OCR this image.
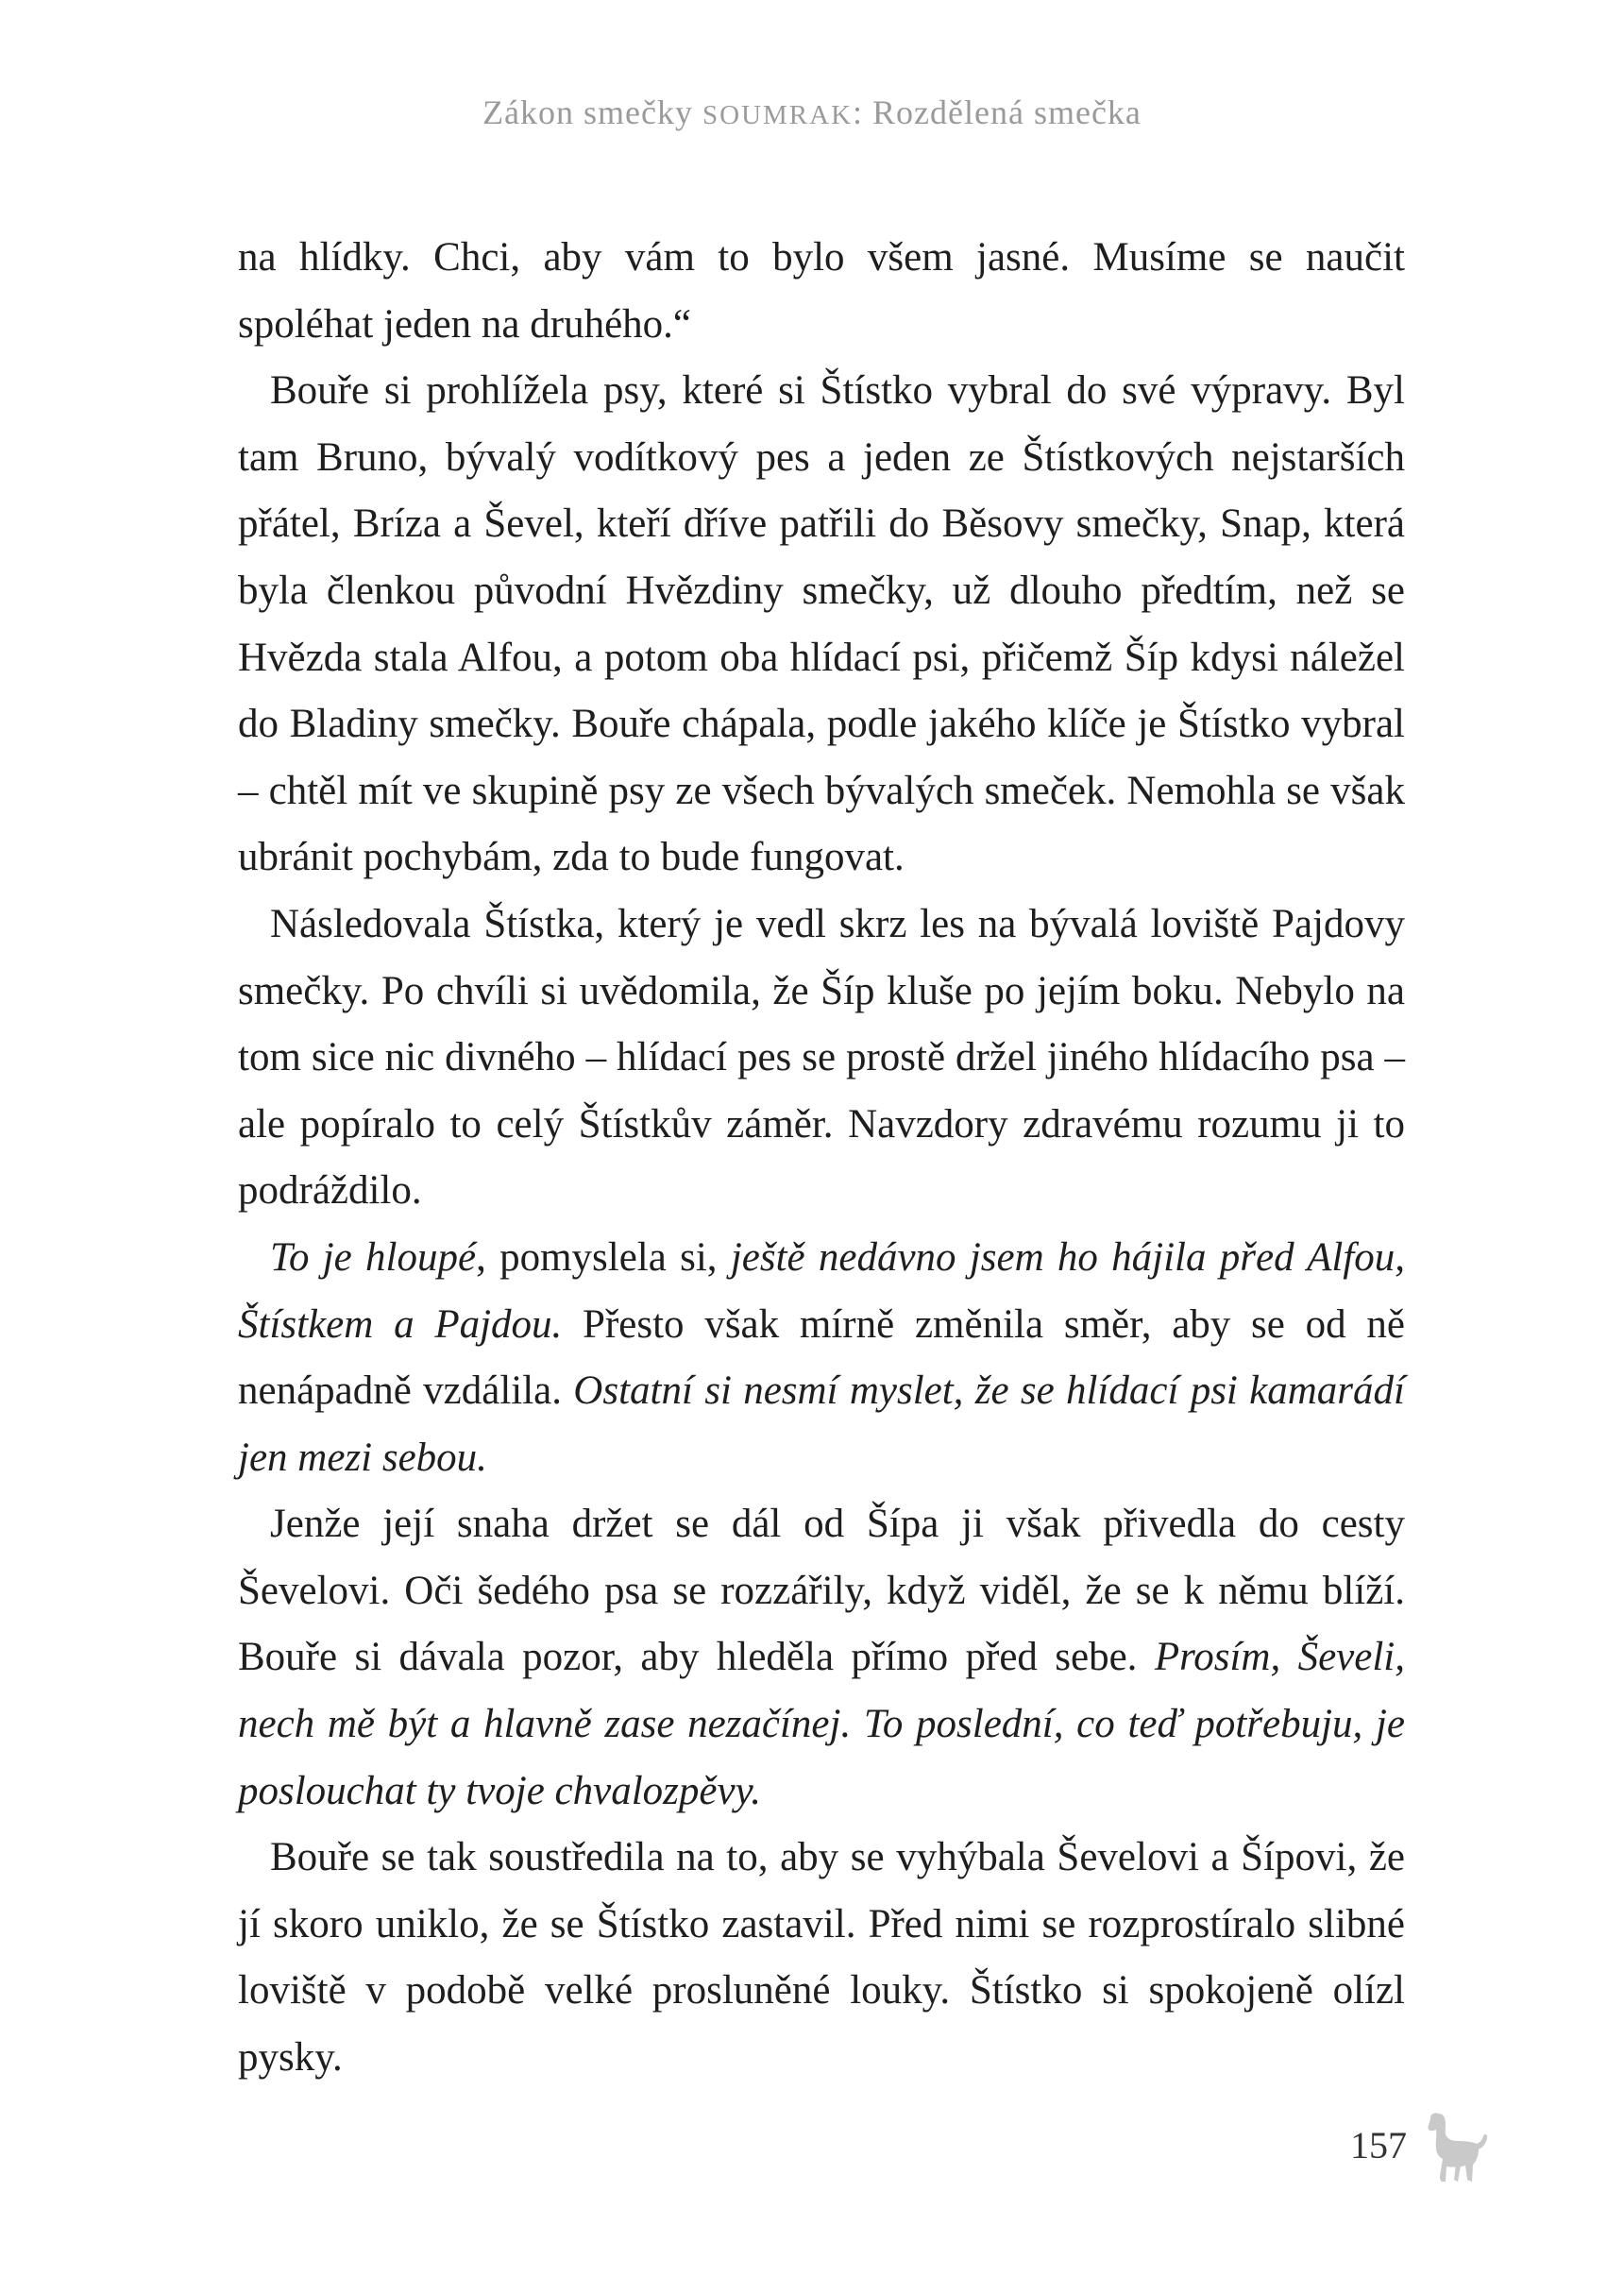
Zákon smečky SOUMRAK: Rozdělená smečka

na hlídky. Chci, aby vám to bylo všem jasné. Musíme se naučit spoléhat jeden na druhého.“

Bouře si prohlížela psy, které si Štístko vybral do své výpravy. Byl tam Bruno, bývalý vodítkový pes a jeden ze Štístkových nejstarších přátel, Bríza a Ševel, kteří dříve patřili do Běsovy smečky, Snap, která byla členkou původní Hvězdiny smečky, už dlouho předtím, než se Hvězda stala Alfou, a potom oba hlídací psi, přičemž Šíp kdysi náležel do Bladiny smečky. Bouře chápala, podle jakého klíče je Štístko vybral – chtěl mít ve skupině psy ze všech bývalých smeček. Nemohla se však ubránit pochybám, zda to bude fungovat.

Následovala Štístka, který je vedl skrz les na bývalá loviště Pajdovy smečky. Po chvíli si uvědomila, že Šíp kluše po jejím boku. Nebylo na tom sice nic divného – hlídací pes se prostě držel jiného hlídacího psa – ale popíralo to celý Štístkův záměr. Navzdory zdravému rozumu ji to podráždilo.

To je hloupé, pomyslela si, ještě nedávno jsem ho hájila před Alfou, Štístkem a Pajdou. Přesto však mírně změnila směr, aby se od ně nenápadně vzdálila. Ostatní si nesmí myslet, že se hlídací psi kamarádí jen mezi sebou.

Jenže její snaha držet se dál od Šípa ji však přivedla do cesty Ševelovi. Oči šedého psa se rozzářily, když viděl, že se k němu blíží. Bouře si dávala pozor, aby hleděla přímo před sebe. Prosím, Ševeli, nech mě být a hlavně zase nezačínej. To poslední, co teď potřebuju, je poslouchat ty tvoje chvalozpěvy.

Bouře se tak soustředila na to, aby se vyhýbala Ševelovi a Šípovi, že jí skoro uniklo, že se Štístko zastavil. Před nimi se rozprostíralo slibné loviště v podobě velké prosluněné louky. Štístko si spokojeně olízl pysky.

157
